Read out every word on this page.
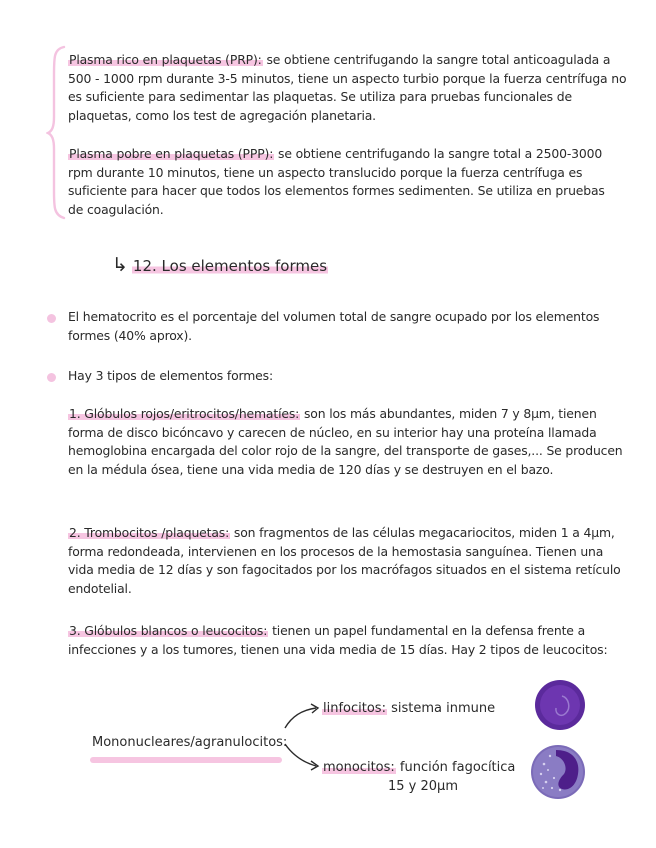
Plasma rico en plaquetas (PRP): se obtiene centrifugando la sangre total anticoagulada a 500 - 1000 rpm durante 3-5 minutos, tiene un aspecto turbio porque la fuerza centrífuga no es suficiente para sedimentar las plaquetas. Se utiliza para pruebas funcionales de plaquetas, como los test de agregación planetaria.

Plasma pobre en plaquetas (PPP): se obtiene centrifugando la sangre total a 2500-3000 rpm durante 10 minutos, tiene un aspecto translucido porque la fuerza centrífuga es suficiente para hacer que todos los elementos formes sedimenten. Se utiliza en pruebas de coagulación.

↳ 12. Los elementos formes

El hematocrito es el porcentaje del volumen total de sangre ocupado por los elementos formes (40% aprox).

Hay 3 tipos de elementos formes:

1. Glóbulos rojos/eritrocitos/hematíes: son los más abundantes, miden 7 y 8µm, tienen forma de disco bicóncavo y carecen de núcleo, en su interior hay una proteína llamada hemoglobina encargada del color rojo de la sangre, del transporte de gases,... Se producen en la médula ósea, tiene una vida media de 120 días y se destruyen en el bazo.

2. Trombocitos /plaquetas: son fragmentos de las células megacariocitos, miden 1 a 4µm, forma redondeada, intervienen en los procesos de la hemostasia sanguínea. Tienen una vida media de 12 días y son fagocitados por los macrófagos situados en el sistema retículo endotelial.

3. Glóbulos blancos o leucocitos: tienen un papel fundamental en la defensa frente a infecciones y a los tumores, tienen una vida media de 15 días. Hay 2 tipos de leucocitos:

Mononucleares/agranulocitos:
linfocitos: sistema inmune
monocitos: función fagocítica
15 y 20µm
